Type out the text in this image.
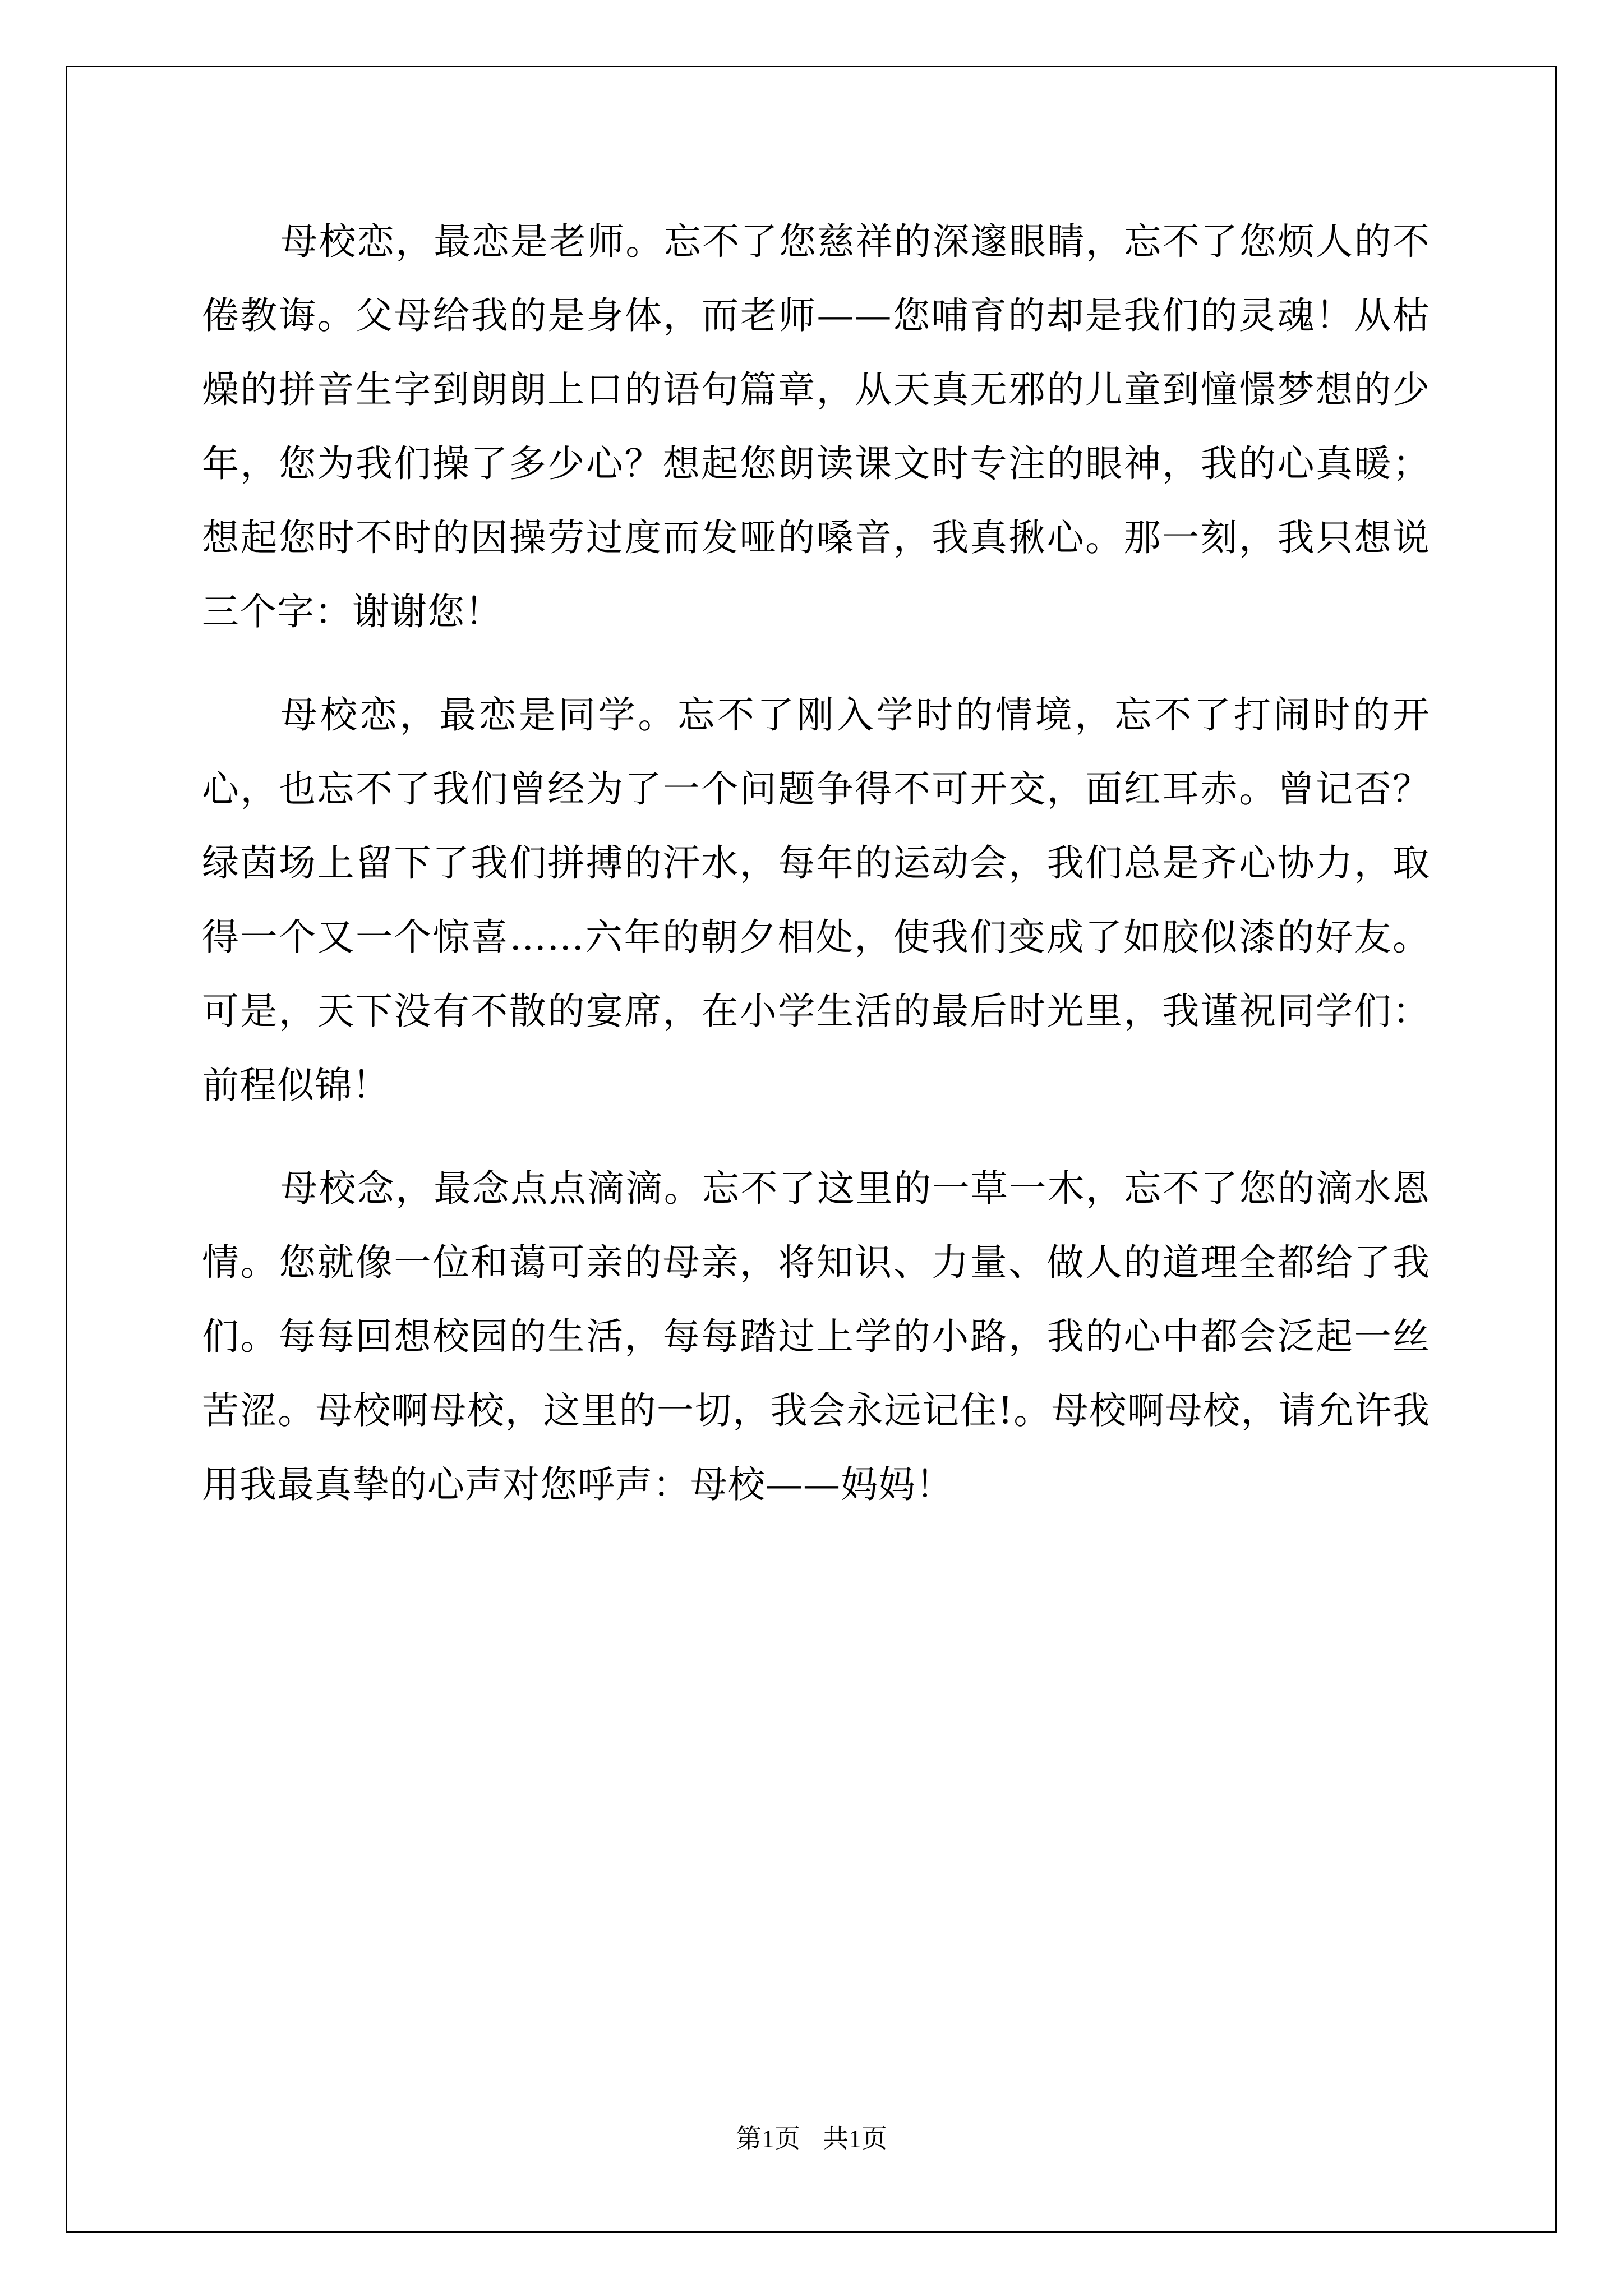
母校恋，最恋是老师。忘不了您慈祥的深邃眼睛，忘不了您烦人的不倦教诲。父母给我的是身体，而老师——您哺育的却是我们的灵魂！从枯燥的拼音生字到朗朗上口的语句篇章，从天真无邪的儿童到憧憬梦想的少年，您为我们操了多少心？想起您朗读课文时专注的眼神，我的心真暖；想起您时不时的因操劳过度而发哑的嗓音，我真揪心。那一刻，我只想说三个字：谢谢您！

母校恋，最恋是同学。忘不了刚入学时的情境，忘不了打闹时的开心，也忘不了我们曾经为了一个问题争得不可开交，面红耳赤。曾记否？绿茵场上留下了我们拼搏的汗水，每年的运动会，我们总是齐心协力，取得一个又一个惊喜……六年的朝夕相处，使我们变成了如胶似漆的好友。可是，天下没有不散的宴席，在小学生活的最后时光里，我谨祝同学们：前程似锦！

母校念，最念点点滴滴。忘不了这里的一草一木，忘不了您的滴水恩情。您就像一位和蔼可亲的母亲，将知识、力量、做人的道理全都给了我们。每每回想校园的生活，每每踏过上学的小路，我的心中都会泛起一丝苦涩。母校啊母校，这里的一切，我会永远记住!。母校啊母校，请允许我用我最真挚的心声对您呼声：母校——妈妈！

第1页 共1页
